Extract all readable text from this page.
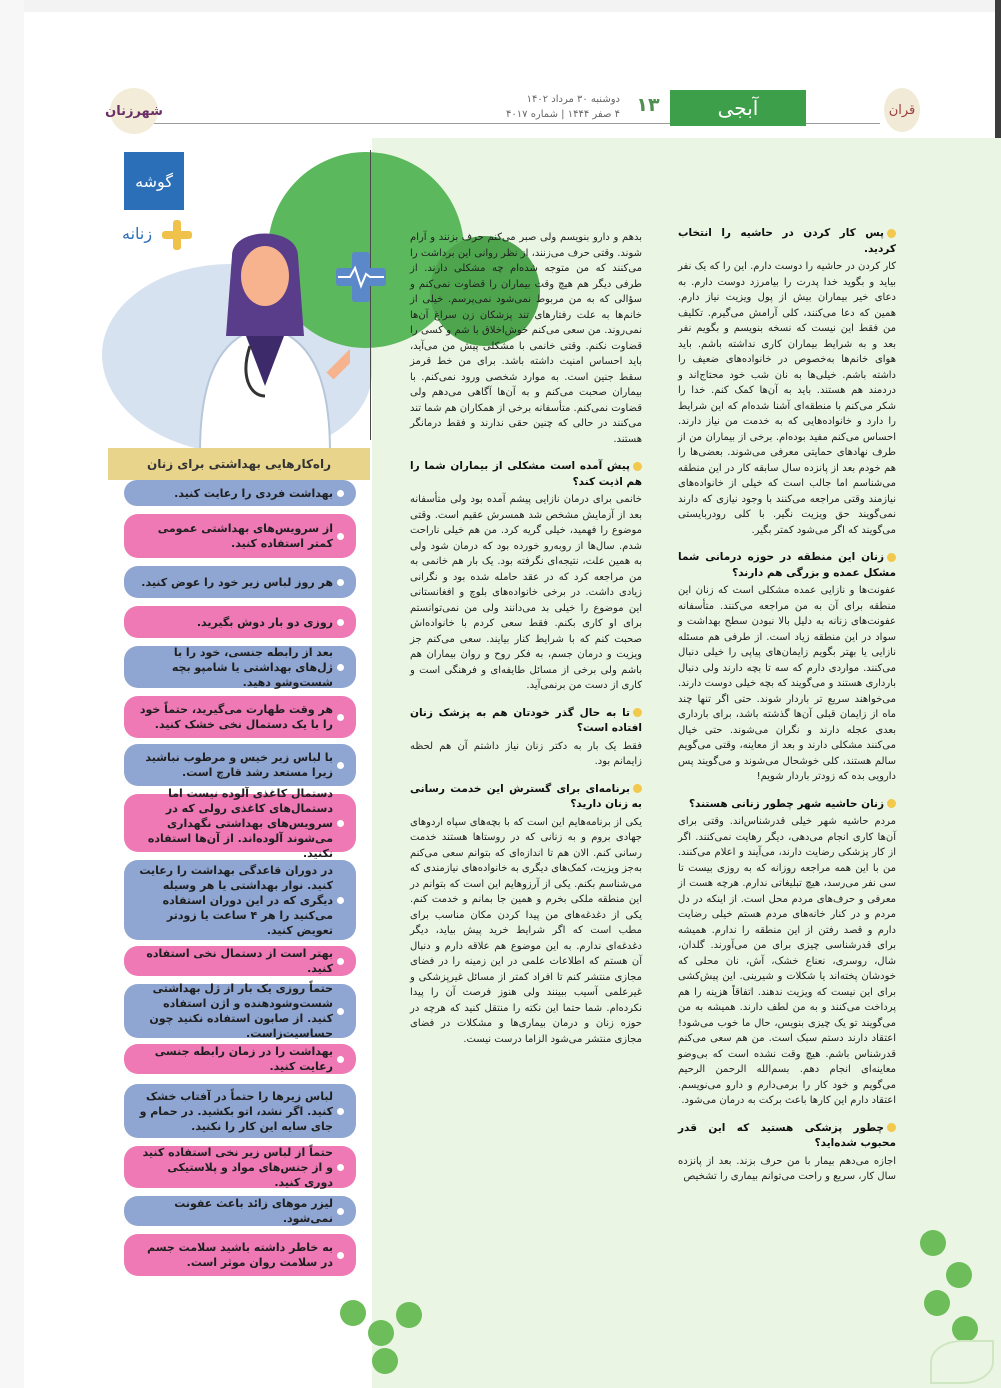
شهرزنان
دوشنبه ۳۰ مرداد ۱۴۰۲
۴ صفر ۱۴۴۴ | شماره ۴۰۱۷ ۱۳	آبجی	قران
گوشه
زنانه
راه‌کارهایی بهداشتی برای زنان
بهداشت فردی را رعایت کنید.
از سرویس‌های بهداشتی عمومی کمتر استفاده کنید.
هر روز لباس زیر خود را عوض کنید.
روزی دو بار دوش بگیرید.
بعد از رابطه جنسی، خود را با ژل‌های بهداشتی یا شامپو بچه شست‌وشو دهید.
هر وقت طهارت می‌گیرید، حتماً خود را با یک دستمال نخی خشک کنید.
با لباس زیر خیس و مرطوب نباشید زیرا مستعد رشد قارچ است.
دستمال کاغذی آلوده نیست اما دستمال‌های کاغذی رولی که در سرویس‌های بهداشتی نگهداری می‌شوند آلوده‌اند. از آن‌ها استفاده نکنید.
در دوران قاعدگی بهداشت را رعایت کنید. نوار بهداشتی یا هر وسیله دیگری که در این دوران استفاده می‌کنید را هر ۴ ساعت یا زودتر تعویض کنید.
بهتر است از دستمال نخی استفاده کنید.
حتماً روزی یک بار از ژل بهداشتی شست‌وشودهنده و اژن استفاده کنید. از صابون استفاده نکنید چون حساسیت‌زاست.
بهداشت را در زمان رابطه جنسی رعایت کنید.
لباس زیرها را حتماً در آفتاب خشک کنید. اگر نشد، اتو بکشید. در حمام و جای سایه این کار را نکنید.
حتماً از لباس زیر نخی استفاده کنید و از جنس‌های مواد و پلاستیکی دوری کنید.
لیزر موهای زائد باعث عفونت نمی‌شود.
به خاطر داشته باشید سلامت جسم در سلامت روان موثر است.

پس کار کردن در حاشیه را انتخاب کردید.
کار کردن در حاشیه را دوست دارم. این را که یک نفر بیاید و بگوید خدا پدرت را بیامرزد دوست دارم. به دعای خیر بیماران بیش از پول ویزیت نیاز دارم. همین که دعا می‌کنند، کلی آرامش می‌گیرم. تکلیف من فقط این نیست که نسخه بنویسم و بگویم نفر بعد و به شرایط بیماران کاری نداشته باشم. باید هوای خانم‌ها به‌خصوص در خانواده‌های ضعیف را داشته باشم. خیلی‌ها به نان شب خود محتاج‌اند و دردمند هم هستند. باید به آن‌ها کمک کنم. خدا را شکر می‌کنم با منطقه‌ای آشنا شده‌ام که این شرایط را دارد و خانواده‌هایی که به خدمت من نیاز دارند. احساس می‌کنم مفید بوده‌ام. برخی از بیماران من از طرف نهادهای حمایتی معرفی می‌شوند. بعضی‌ها را هم خودم بعد از پانزده سال سابقه کار در این منطقه می‌شناسم اما جالب است که خیلی از خانواده‌های نیازمند وقتی مراجعه می‌کنند با وجود نیازی که دارند نمی‌گویند حق ویزیت نگیر. با کلی رودربایستی می‌گویند که اگر می‌شود کمتر بگیر.

زنان این منطقه در حوزه درمانی شما مشکل عمده و بزرگی هم دارند؟
عفونت‌ها و نازایی عمده مشکلی است که زنان این منطقه برای آن به من مراجعه می‌کنند. متأسفانه عفونت‌های زنانه به دلیل بالا نبودن سطح بهداشت و سواد در این منطقه زیاد است. از طرفی هم مسئله نازایی یا بهتر بگویم زایمان‌های پیاپی را خیلی دنبال می‌کنند. مواردی دارم که سه تا بچه دارند ولی دنبال بارداری هستند و می‌گویند که بچه خیلی دوست دارند. می‌خواهند سریع تر باردار شوند. حتی اگر تنها چند ماه از زایمان قبلی آن‌ها گذشته باشد، برای بارداری بعدی عجله دارند و نگران می‌شوند. حتی خیال می‌کنند مشکلی دارند و بعد از معاینه، وقتی می‌گویم سالم هستند، کلی خوشحال می‌شوند و می‌گویند پس دارویی بده که زودتر باردار شویم!

زنان حاشیه شهر چطور زنانی هستند؟
مردم حاشیه شهر خیلی قدرشناس‌اند. وقتی برای آن‌ها کاری انجام می‌دهی، دیگر رهایت نمی‌کنند. اگر از کار پزشکی رضایت دارند، می‌آیند و اعلام می‌کنند. من با این همه مراجعه روزانه که به روزی بیست تا سی نفر می‌رسد، هیچ تبلیغاتی ندارم. هرچه هست از معرفی و حرف‌های مردم محل است. از اینکه در دل مردم و در کنار خانه‌های مردم هستم خیلی رضایت دارم و قصد رفتن از این منطقه را ندارم. همیشه برای قدرشناسی چیزی برای من می‌آورند. گلدان، شال، روسری، نعناع خشک، آش، نان محلی که خودشان پخته‌اند یا شکلات و شیرینی. این پیش‌کشی برای این نیست که ویزیت ندهند. اتفاقاً هزینه را هم پرداخت می‌کنند و به من لطف دارند. همیشه به من می‌گویند تو یک چیزی بنویس، حال ما خوب می‌شود! اعتقاد دارند دستم سبک است. من هم سعی می‌کنم قدرشناس باشم. هیچ وقت نشده است که بی‌وضو معاینه‌ای انجام دهم. بسم‌الله الرحمن الرحیم می‌گویم و خود کار را برمی‌دارم و دارو می‌نویسم. اعتقاد دارم این کارها باعث برکت به درمان می‌شود.

چطور پزشکی هستید که این قدر محبوب شده‌اید؟
اجازه می‌دهم بیمار با من حرف بزند. بعد از پانزده سال کار، سریع و راحت می‌توانم بیماری را تشخیص

بدهم و دارو بنویسم ولی صبر می‌کنم حرف بزنند و آرام شوند. وقتی حرف می‌زنند، از نظر روانی این برداشت را می‌کنند که من متوجه شده‌ام چه مشکلی دارند. از طرفی دیگر هم هیچ وقت بیماران را قضاوت نمی‌کنم و سؤالی که به من مربوط نمی‌شود نمی‌پرسم. خیلی از خانم‌ها به علت رفتارهای تند پزشکان زن سراغ آن‌ها نمی‌روند. من سعی می‌کنم خوش‌اخلاق با شم و کسی را قضاوت نکنم. وقتی خانمی با مشکلی پیش من می‌آید، باید احساس امنیت داشته باشد. برای من خط قرمز سقط جنین است. به موارد شخصی ورود نمی‌کنم. با بیماران صحبت می‌کنم و به آن‌ها آگاهی می‌دهم ولی قضاوت نمی‌کنم. متأسفانه برخی از همکاران هم شما تند می‌کنند در حالی که چنین حقی ندارند و فقط درمانگر هستند.

پیش آمده است مشکلی از بیماران شما را هم اذیت کند؟
خانمی برای درمان نازایی پیشم آمده بود ولی متأسفانه بعد از آزمایش مشخص شد همسرش عقیم است. وقتی موضوع را فهمید، خیلی گریه کرد. من هم خیلی ناراحت شدم. سال‌ها از روبه‌رو خورده بود که درمان شود ولی به همین علت، نتیجه‌ای نگرفته بود. یک بار هم خانمی به من مراجعه کرد که در عقد حامله شده بود و نگرانی زیادی داشت. در برخی خانواده‌های بلوچ و افغانستانی این موضوع را خیلی بد می‌دانند ولی من نمی‌توانستم برای او کاری بکنم. فقط سعی کردم با خانواده‌اش صحبت کنم که با شرایط کنار بیایند. سعی می‌کنم جز ویزیت و درمان جسم، به فکر روح و روان بیماران هم باشم ولی برخی از مسائل طایفه‌ای و فرهنگی است و کاری از دست من برنمی‌آید.

تا به حال گذر خودتان هم به پزشک زنان افتاده است؟
فقط یک بار به دکتر زنان نیاز داشتم آن هم لحظه زایمانم بود.

برنامه‌ای برای گسترش این خدمت رسانی به زنان دارید؟
یکی از برنامه‌هایم این است که با بچه‌های سپاه اردوهای جهادی بروم و به زنانی که در روستاها هستند خدمت رسانی کنم. الان هم تا اندازه‌ای که بتوانم سعی می‌کنم به‌جز ویزیت، کمک‌های دیگری به خانواده‌های نیازمندی که می‌شناسم بکنم. یکی از آرزوهایم این است که بتوانم در این منطقه ملکی بخرم و همین جا بمانم و خدمت کنم. یکی از دغدغه‌های من پیدا کردن مکان مناسب برای مطب است که اگر شرایط خرید پیش بیاید، دیگر دغدغه‌ای ندارم. به این موضوع هم علاقه دارم و دنبال آن هستم که اطلاعات علمی در این زمینه را در فضای مجازی منتشر کنم تا افراد کمتر از مسائل غیرپزشکی و غیرعلمی آسیب ببینند ولی هنوز فرصت آن را پیدا نکرده‌ام. شما حتما این نکته را منتقل کنید که هرچه در حوزه زنان و درمان بیماری‌ها و مشکلات در فضای مجازی منتشر می‌شود الزاما درست نیست.
